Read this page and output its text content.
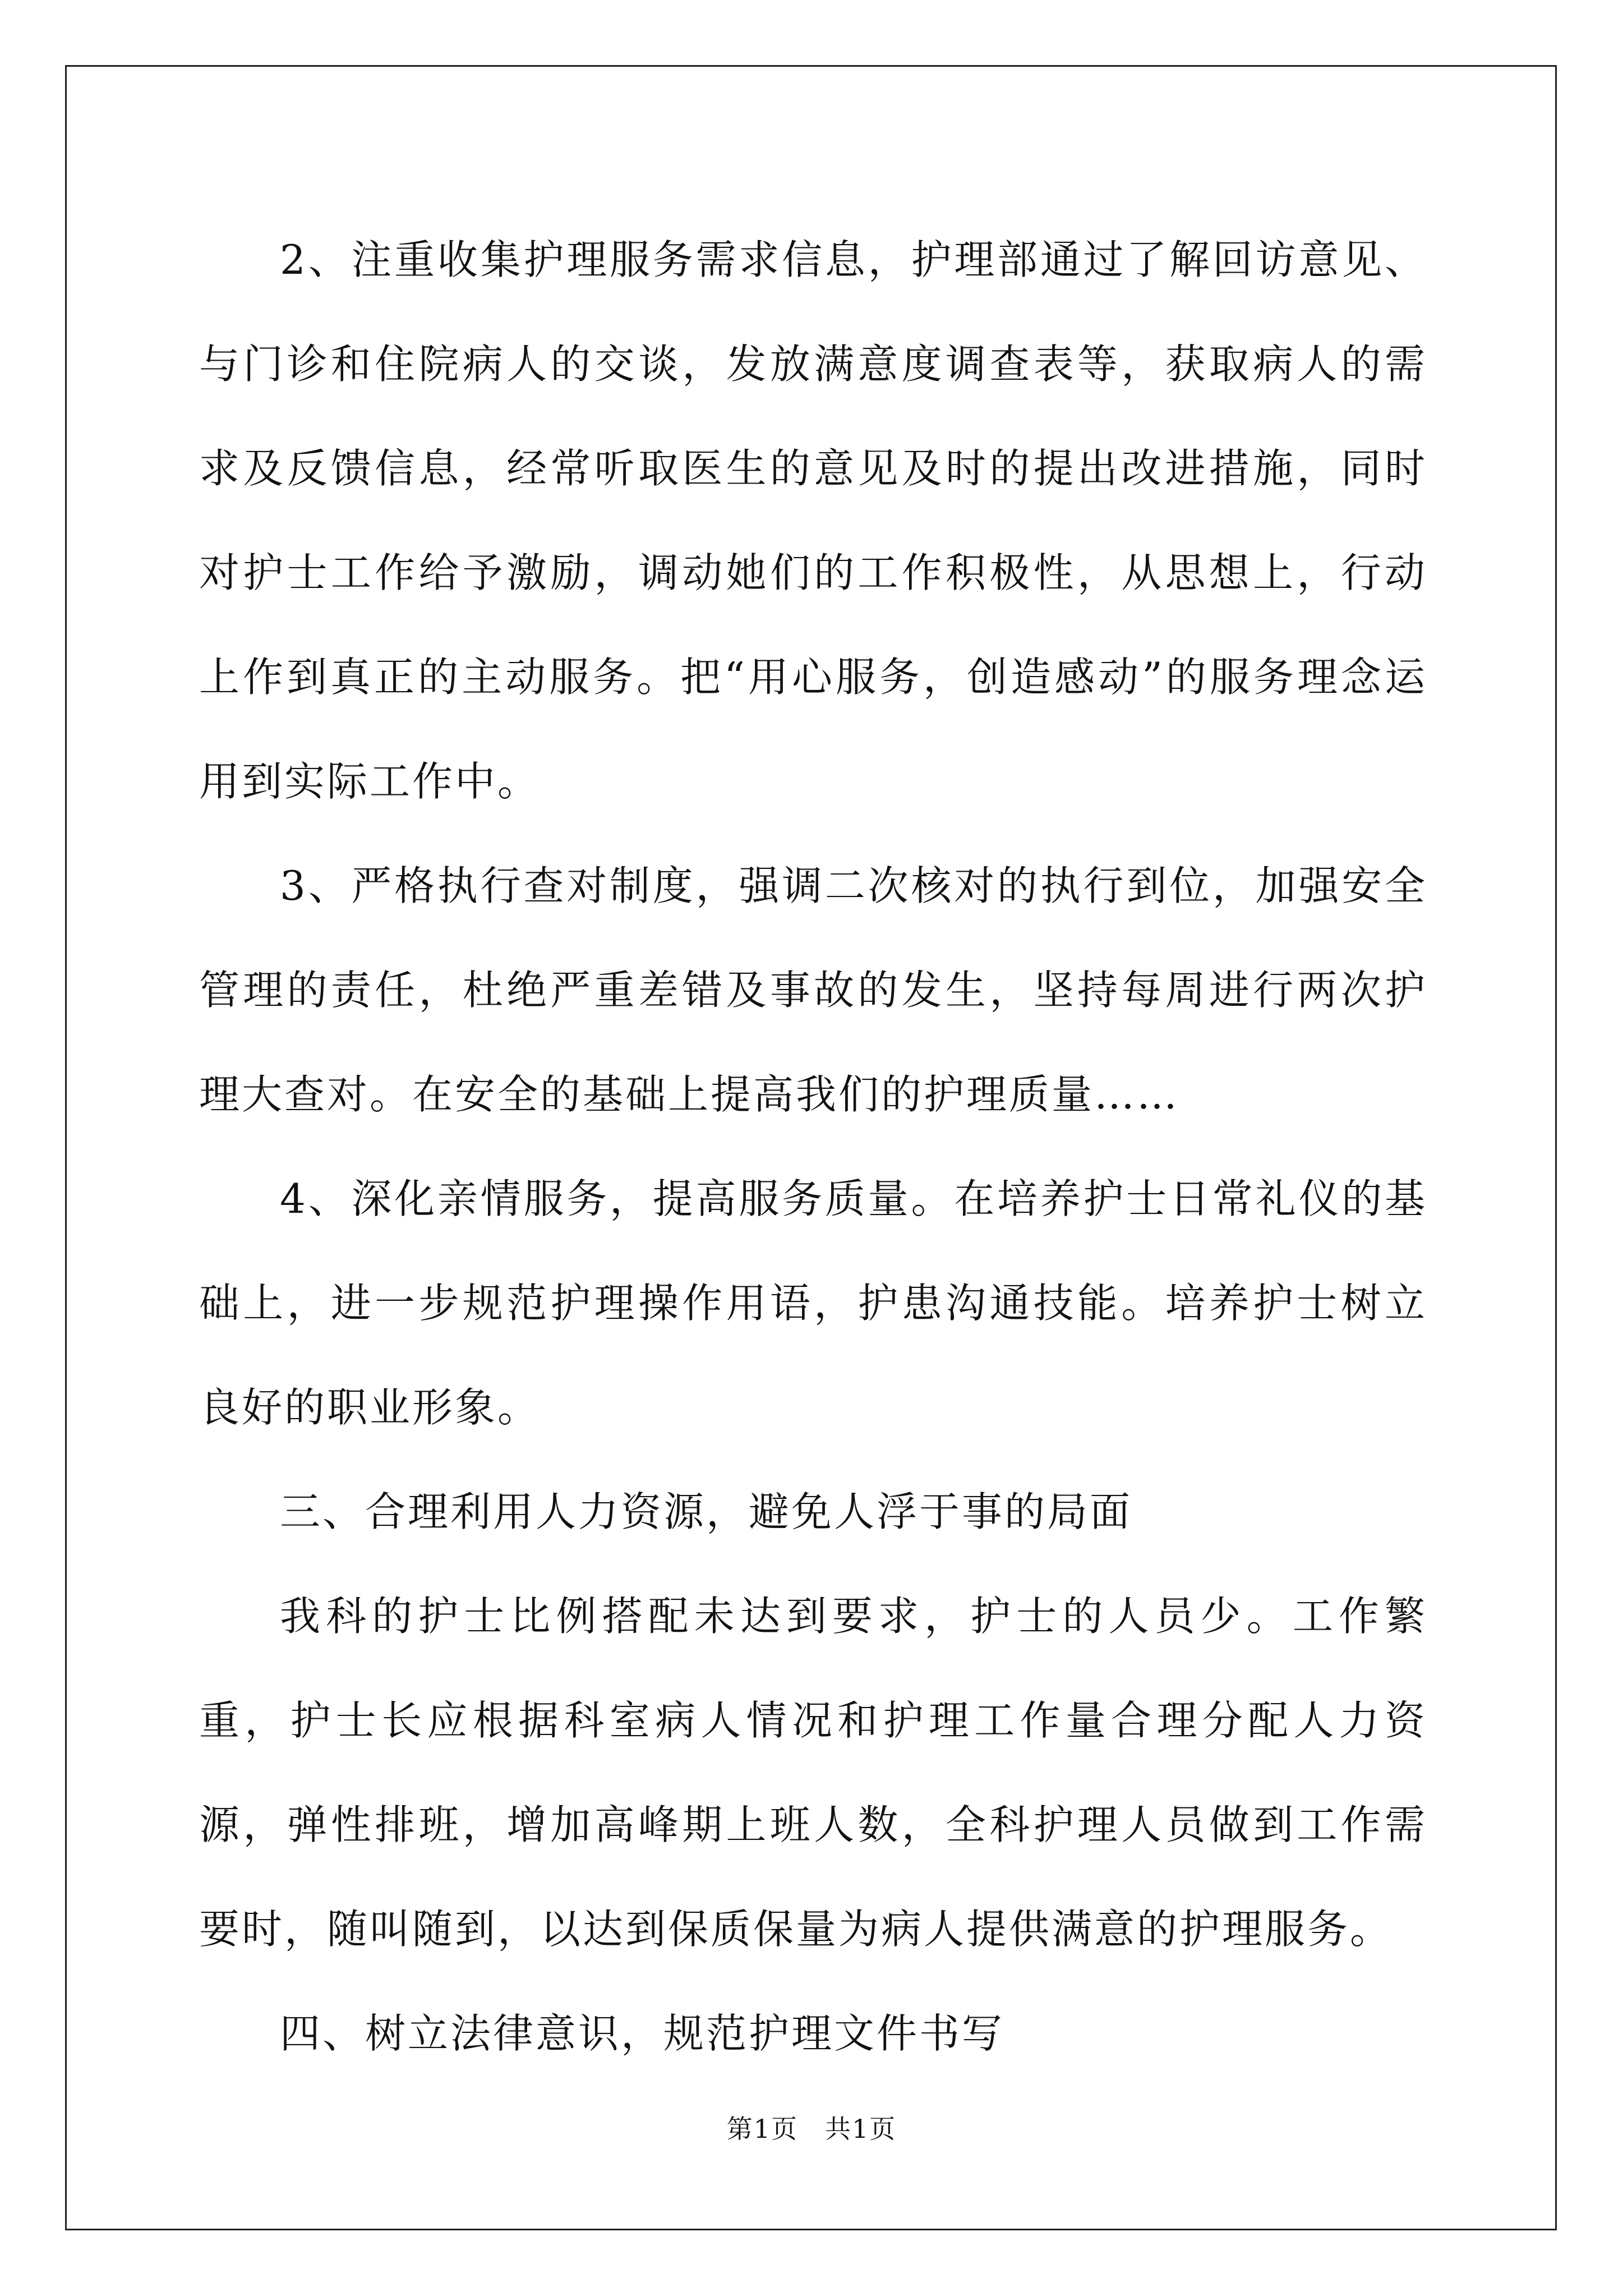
2、注重收集护理服务需求信息，护理部通过了解回访意见、与门诊和住院病人的交谈，发放满意度调查表等，获取病人的需求及反馈信息，经常听取医生的意见及时的提出改进措施，同时对护士工作给予激励，调动她们的工作积极性，从思想上，行动上作到真正的主动服务。把“用心服务，创造感动”的服务理念运用到实际工作中。

3、严格执行查对制度，强调二次核对的执行到位，加强安全管理的责任，杜绝严重差错及事故的发生，坚持每周进行两次护理大查对。在安全的基础上提高我们的护理质量……

4、深化亲情服务，提高服务质量。在培养护士日常礼仪的基础上，进一步规范护理操作用语，护患沟通技能。培养护士树立良好的职业形象。

三、合理利用人力资源，避免人浮于事的局面

我科的护士比例搭配未达到要求，护士的人员少。工作繁重，护士长应根据科室病人情况和护理工作量合理分配人力资源，弹性排班，增加高峰期上班人数，全科护理人员做到工作需要时，随叫随到，以达到保质保量为病人提供满意的护理服务。

四、树立法律意识，规范护理文件书写

第1页　共1页
